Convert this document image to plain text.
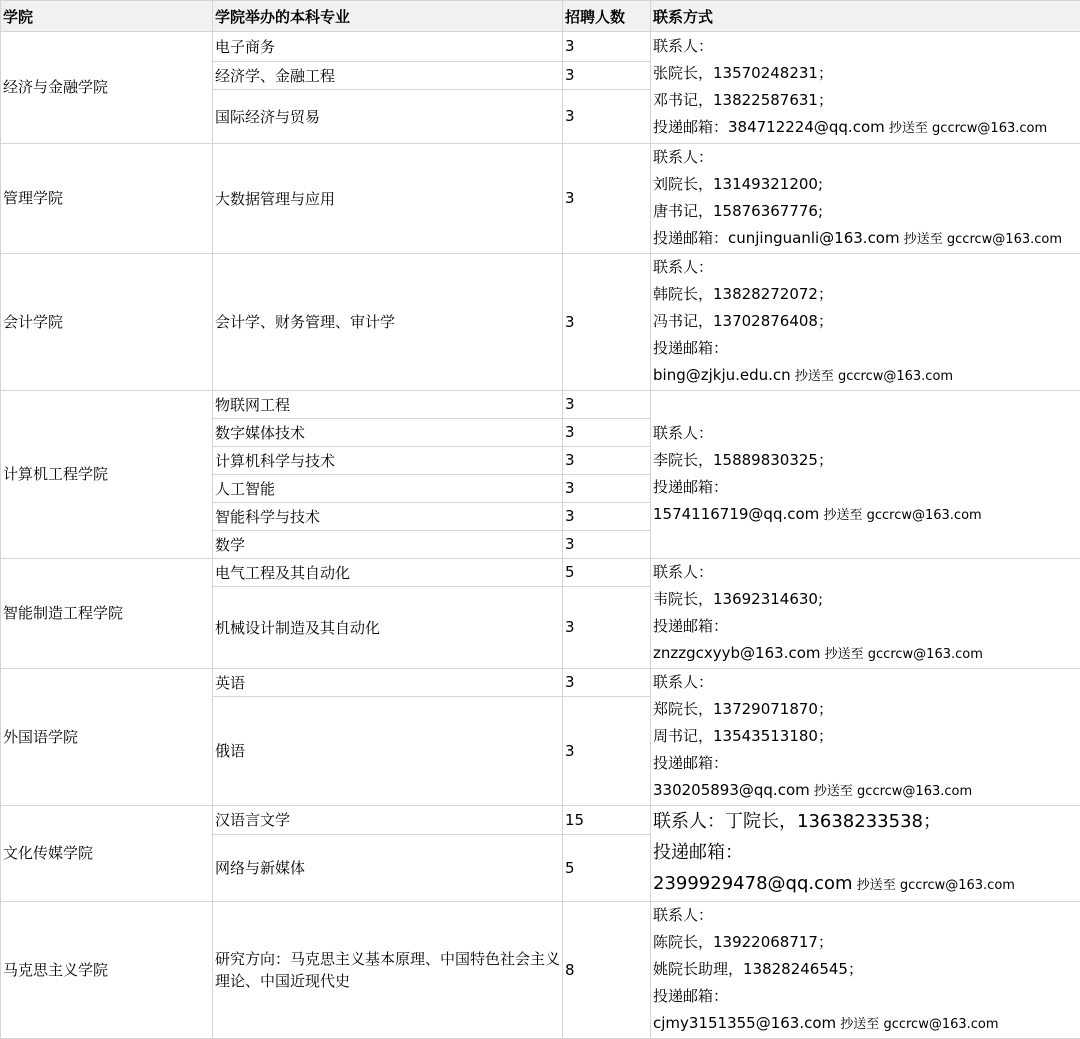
学院	学院举办的本科专业	招聘人数	联系方式
经济与金融学院	电子商务	3	联系人：
张院长，13570248231；
邓书记，13822587631；
投递邮箱：384712224@qq.com 抄送至 gccrcw@163.com

	经济学、金融工程	3	
	国际经济与贸易	3	
管理学院	大数据管理与应用	3	联系人：
刘院长，13149321200;
唐书记，15876367776;
投递邮箱：cunjinguanli@163.com 抄送至 gccrcw@163.com

会计学院	会计学、财务管理、审计学	3	联系人：
韩院长，13828272072；
冯书记，13702876408；
投递邮箱：
bing@zjkju.edu.cn 抄送至 gccrcw@163.com

计算机工程学院	物联网工程	3	联系人：
李院长，15889830325；
投递邮箱：
1574116719@qq.com 抄送至 gccrcw@163.com

	数字媒体技术	3	
	计算机科学与技术	3	
	人工智能	3	
	智能科学与技术	3	
	数学	3	
智能制造工程学院	电气工程及其自动化	5	联系人：
韦院长，13692314630;
投递邮箱：
znzzgcxyyb@163.com 抄送至 gccrcw@163.com

	机械设计制造及其自动化	3	
外国语学院	英语	3	联系人：
郑院长，13729071870；
周书记，13543513180；
投递邮箱：
330205893@qq.com 抄送至 gccrcw@163.com

	俄语	3	
文化传媒学院	汉语言文学	15	联系人：丁院长，13638233538；
投递邮箱：
2399929478@qq.com 抄送至 gccrcw@163.com

	网络与新媒体	5	
马克思主义学院	研究方向：马克思主义基本原理、中国特色社会主义理论、中国近现代史	8	联系人：
陈院长，13922068717；
姚院长助理，13828246545；
投递邮箱：
cjmy3151355@163.com 抄送至 gccrcw@163.com
